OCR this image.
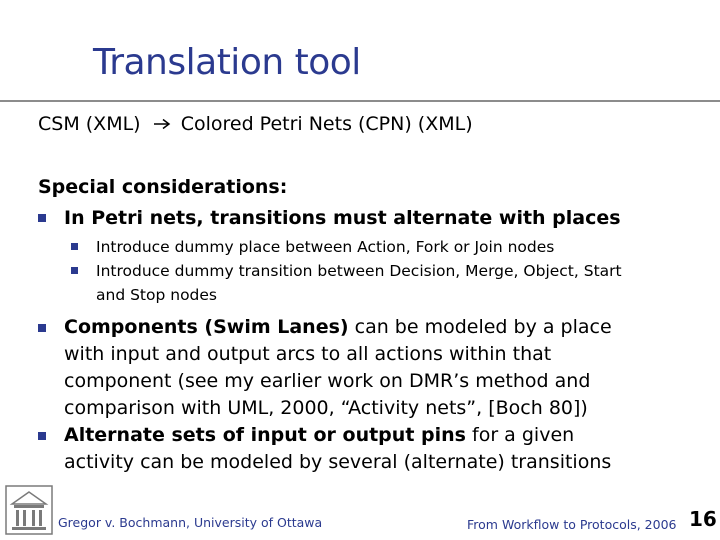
Translation tool
CSM (XML) Colored Petri Nets (CPN) (XML)
Special considerations:
In Petri nets, transitions must alternate with places
Introduce dummy place between Action, Fork or Join nodes
Introduce dummy transition between Decision, Merge, Object, Start
and Stop nodes
Components (Swim Lanes) can be modeled by a place
with input and output arcs to all actions within that
component (see my earlier work on DMR’s method and
comparison with UML, 2000, “Activity nets”, [Boch 80])
Alternate sets of input or output pins for a given
activity can be modeled by several (alternate) transitions
Gregor v. Bochmann, University of Ottawa	From Workflow to Protocols, 2006 16
